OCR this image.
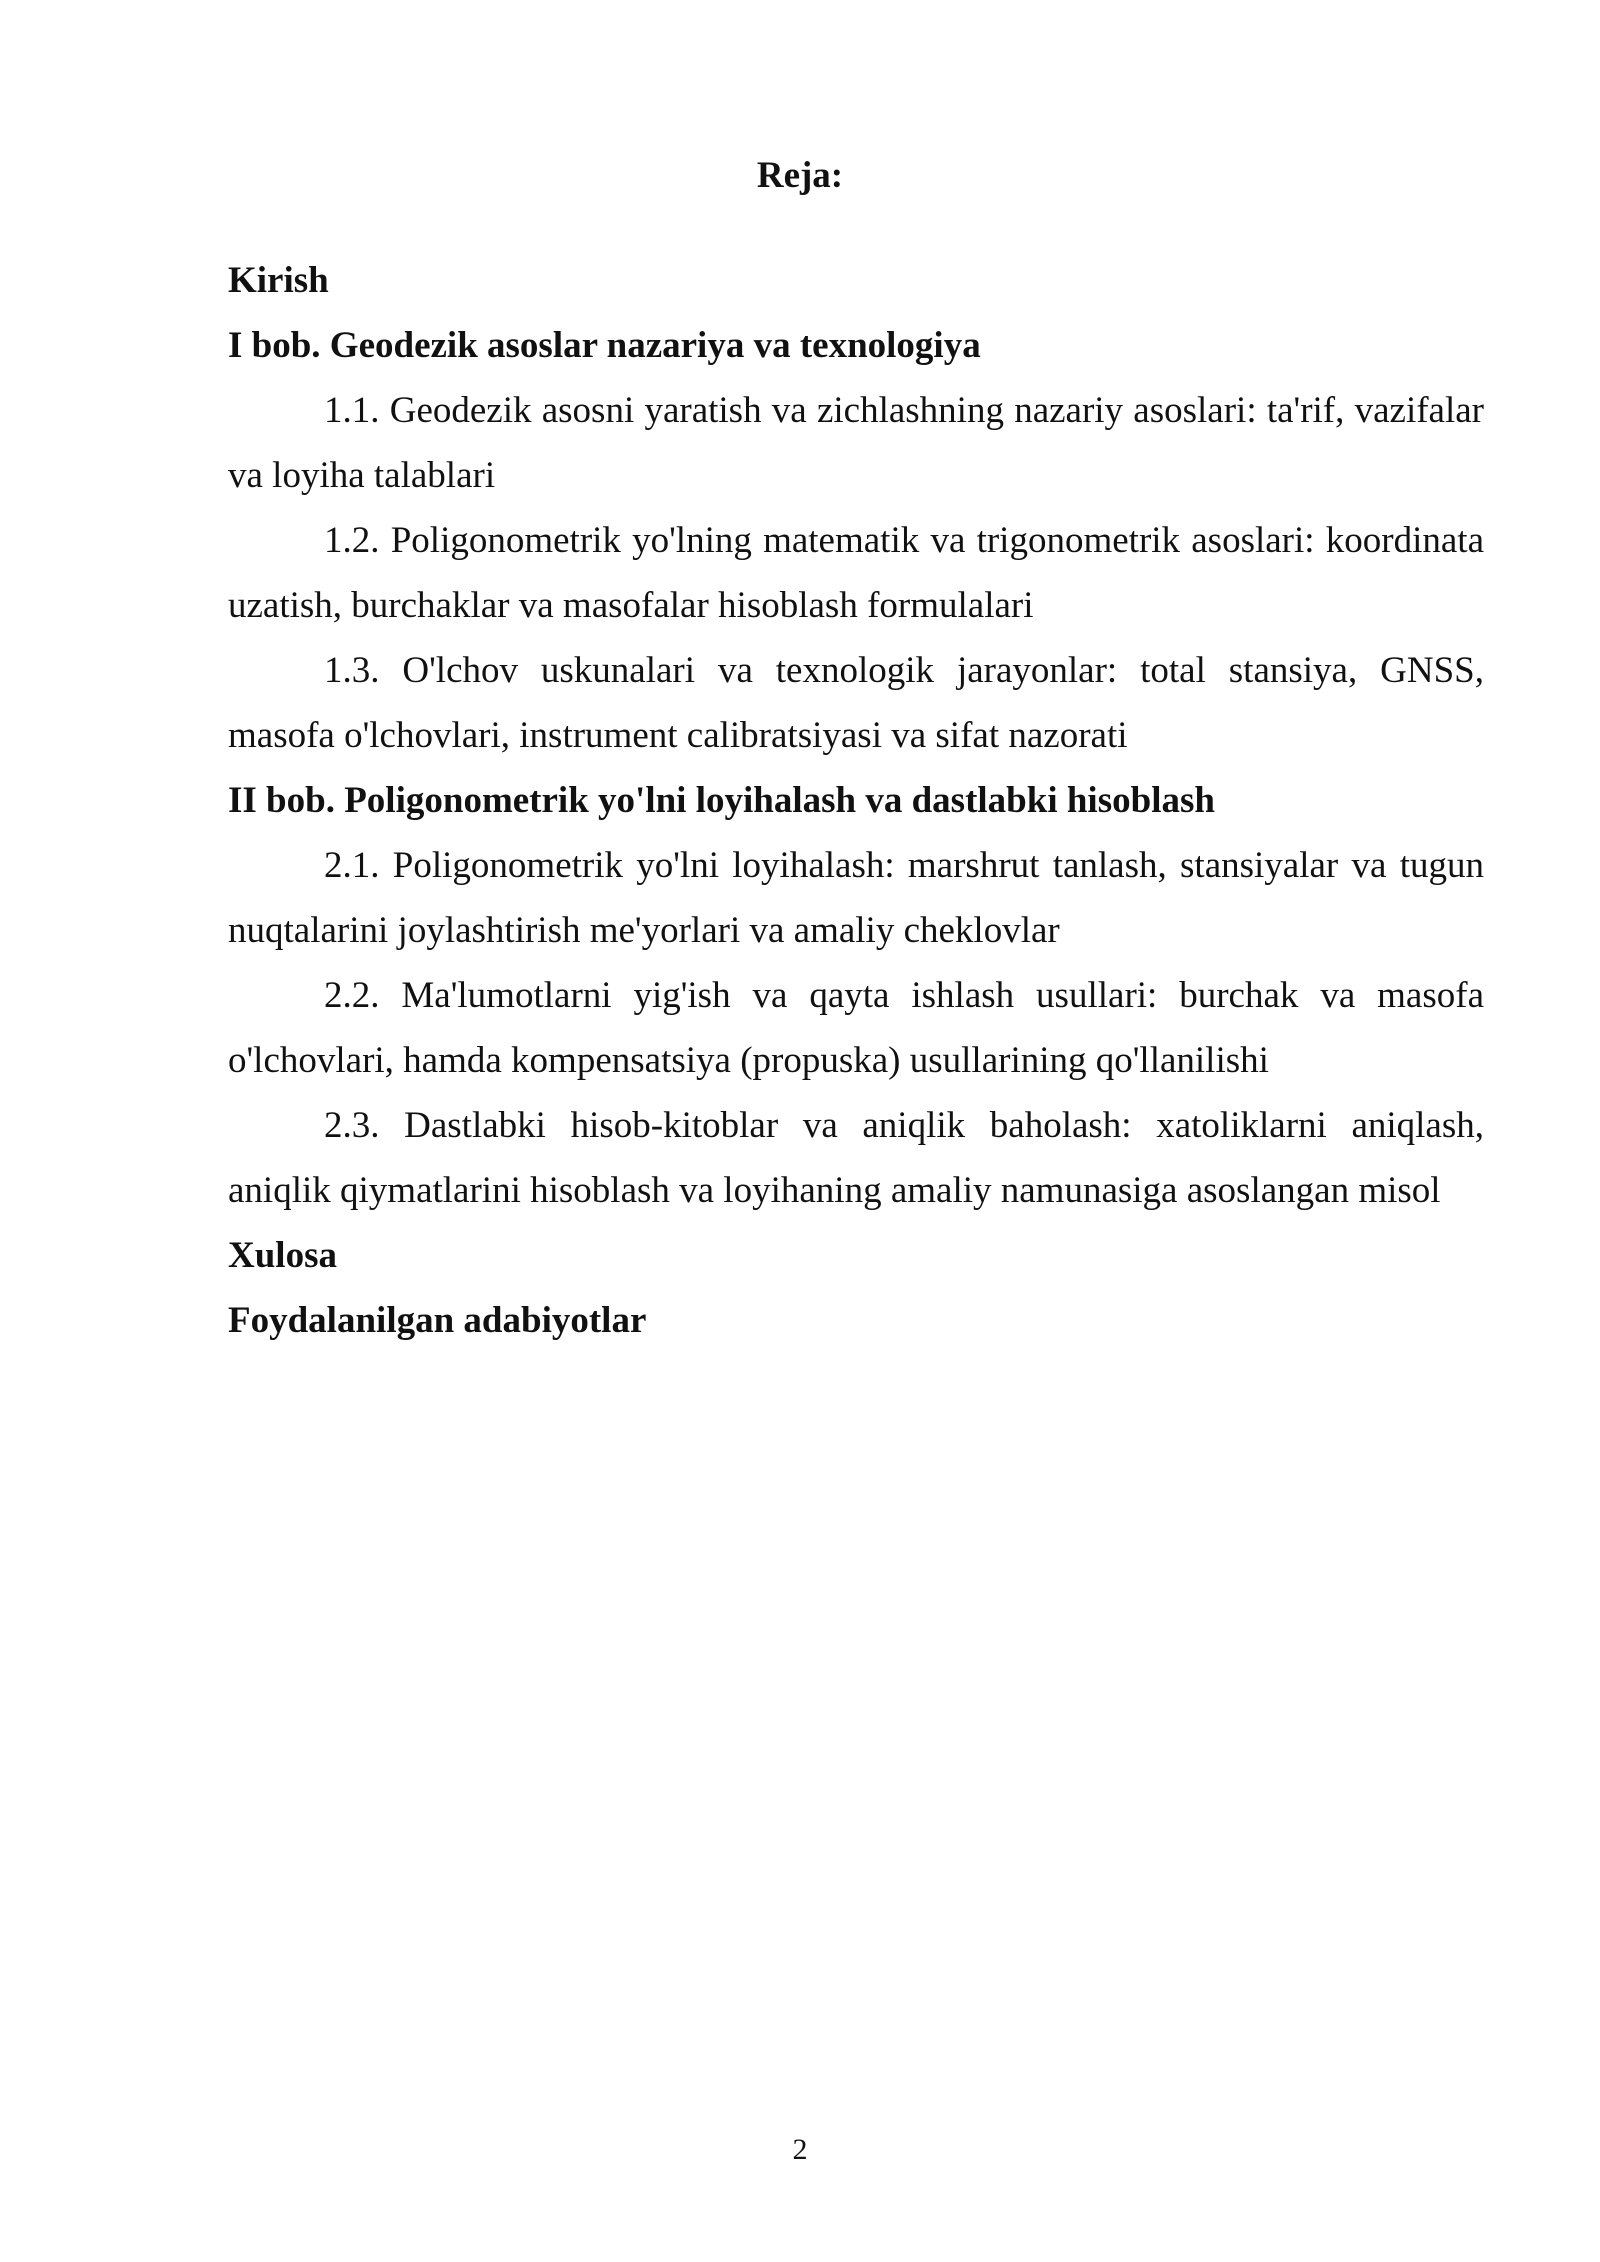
Reja:

Kirish

I bob. Geodezik asoslar nazariya va texnologiya

1.1. Geodezik asosni yaratish va zichlashning nazariy asoslari: ta'rif, vazifalar va loyiha talablari

1.2. Poligonometrik yo'lning matematik va trigonometrik asoslari: koordinata uzatish, burchaklar va masofalar hisoblash formulalari

1.3. O'lchov uskunalari va texnologik jarayonlar: total stansiya, GNSS, masofa o'lchovlari, instrument calibratsiyasi va sifat nazorati

II bob. Poligonometrik yo'lni loyihalash va dastlabki hisoblash

2.1. Poligonometrik yo'lni loyihalash: marshrut tanlash, stansiyalar va tugun nuqtalarini joylashtirish me'yorlari va amaliy cheklovlar

2.2. Ma'lumotlarni yig'ish va qayta ishlash usullari: burchak va masofa o'lchovlari, hamda kompensatsiya (propuska) usullarining qo'llanilishi

2.3. Dastlabki hisob-kitoblar va aniqlik baholash: xatoliklarni aniqlash, aniqlik qiymatlarini hisoblash va loyihaning amaliy namunasiga asoslangan misol

Xulosa

Foydalanilgan adabiyotlar

2
